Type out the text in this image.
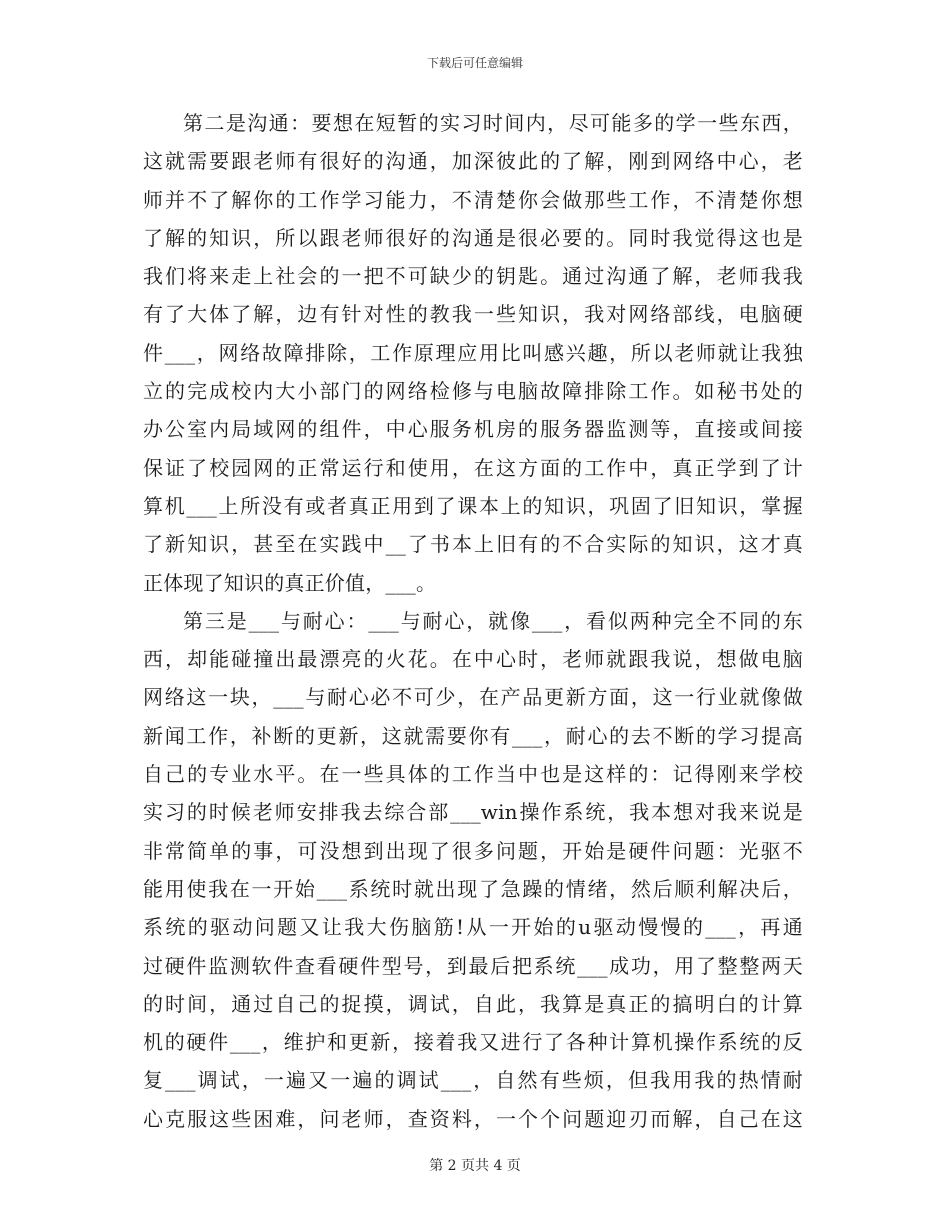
下载后可任意编辑
第二是沟通：要想在短暂的实习时间内，尽可能多的学一些东西，
这就需要跟老师有很好的沟通，加深彼此的了解，刚到网络中心，老
师并不了解你的工作学习能力，不清楚你会做那些工作，不清楚你想
了解的知识，所以跟老师很好的沟通是很必要的。同时我觉得这也是
我们将来走上社会的一把不可缺少的钥匙。通过沟通了解，老师我我
有了大体了解，边有针对性的教我一些知识，我对网络部线，电脑硬
件___，网络故障排除，工作原理应用比叫感兴趣，所以老师就让我独
立的完成校内大小部门的网络检修与电脑故障排除工作。如秘书处的
办公室内局域网的组件，中心服务机房的服务器监测等，直接或间接
保证了校园网的正常运行和使用，在这方面的工作中，真正学到了计
算机___上所没有或者真正用到了课本上的知识，巩固了旧知识，掌握
了新知识，甚至在实践中__了书本上旧有的不合实际的知识，这才真
正体现了知识的真正价值，___。
第三是___与耐心：___与耐心，就像___，看似两种完全不同的东
西，却能碰撞出最漂亮的火花。在中心时，老师就跟我说，想做电脑
网络这一块，___与耐心必不可少，在产品更新方面，这一行业就像做
新闻工作，补断的更新，这就需要你有___，耐心的去不断的学习提高
自己的专业水平。在一些具体的工作当中也是这样的：记得刚来学校
实习的时候老师安排我去综合部___win操作系统，我本想对我来说是
非常简单的事，可没想到出现了很多问题，开始是硬件问题：光驱不
能用使我在一开始___系统时就出现了急躁的情绪，然后顺利解决后，
系统的驱动问题又让我大伤脑筋!从一开始的u驱动慢慢的___，再通
过硬件监测软件查看硬件型号，到最后把系统___成功，用了整整两天
的时间，通过自己的捉摸，调试，自此，我算是真正的搞明白的计算
机的硬件___，维护和更新，接着我又进行了各种计算机操作系统的反
复___调试，一遍又一遍的调试___，自然有些烦，但我用我的热情耐
心克服这些困难，问老师，查资料，一个个问题迎刃而解，自己在这
第 2 页共 4 页
